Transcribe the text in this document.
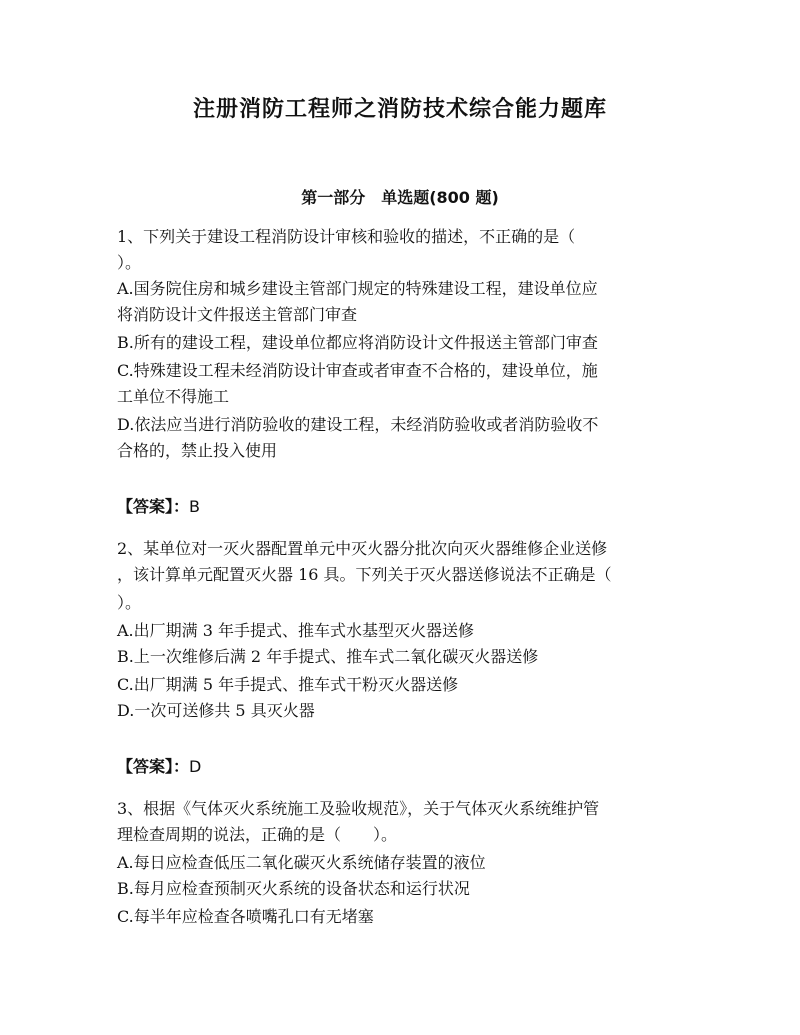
注册消防工程师之消防技术综合能力题库
第一部分　单选题(800 题)
1、下列关于建设工程消防设计审核和验收的描述，不正确的是（
）。
A.国务院住房和城乡建设主管部门规定的特殊建设工程，建设单位应
将消防设计文件报送主管部门审查
B.所有的建设工程，建设单位都应将消防设计文件报送主管部门审查
C.特殊建设工程未经消防设计审查或者审查不合格的，建设单位，施
工单位不得施工
D.依法应当进行消防验收的建设工程，未经消防验收或者消防验收不
合格的，禁止投入使用
【答案】：B
2、某单位对一灭火器配置单元中灭火器分批次向灭火器维修企业送修
，该计算单元配置灭火器 16 具。下列关于灭火器送修说法不正确是（
）。
A.出厂期满 3 年手提式、推车式水基型灭火器送修
B.上一次维修后满 2 年手提式、推车式二氧化碳灭火器送修
C.出厂期满 5 年手提式、推车式干粉灭火器送修
D.一次可送修共 5 具灭火器
【答案】：D
3、根据《气体灭火系统施工及验收规范》，关于气体灭火系统维护管
理检查周期的说法，正确的是（　　）。
A.每日应检查低压二氧化碳灭火系统储存装置的液位
B.每月应检查预制灭火系统的设备状态和运行状况
C.每半年应检查各喷嘴孔口有无堵塞
